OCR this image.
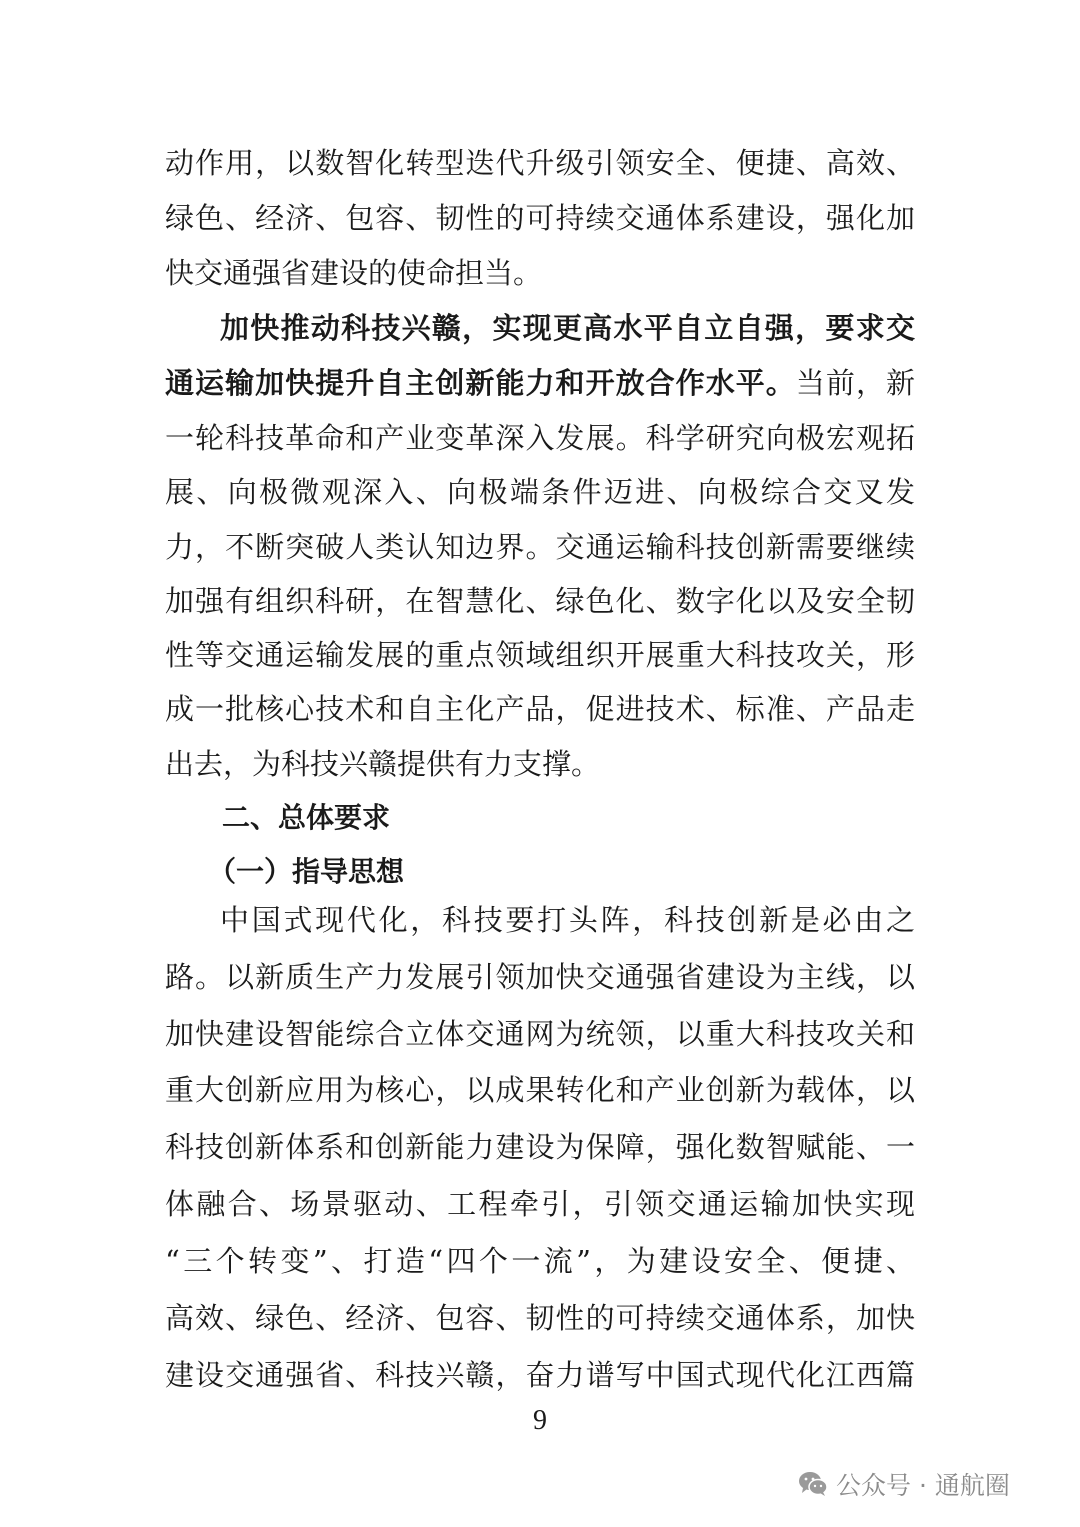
动作用，以数智化转型迭代升级引领安全、便捷、高效、
绿色、经济、包容、韧性的可持续交通体系建设，强化加
快交通强省建设的使命担当。
加快推动科技兴赣，实现更高水平自立自强，要求交
通运输加快提升自主创新能力和开放合作水平。当前，新
一轮科技革命和产业变革深入发展。科学研究向极宏观拓
展、向极微观深入、向极端条件迈进、向极综合交叉发
力，不断突破人类认知边界。交通运输科技创新需要继续
加强有组织科研，在智慧化、绿色化、数字化以及安全韧
性等交通运输发展的重点领域组织开展重大科技攻关，形
成一批核心技术和自主化产品，促进技术、标准、产品走
出去，为科技兴赣提供有力支撑。
二、总体要求
（一）指导思想
中国式现代化，科技要打头阵，科技创新是必由之
路。以新质生产力发展引领加快交通强省建设为主线，以
加快建设智能综合立体交通网为统领，以重大科技攻关和
重大创新应用为核心，以成果转化和产业创新为载体，以
科技创新体系和创新能力建设为保障，强化数智赋能、一
体融合、场景驱动、工程牵引，引领交通运输加快实现
“三个转变”、打造“四个一流”，为建设安全、便捷、
高效、绿色、经济、包容、韧性的可持续交通体系，加快
建设交通强省、科技兴赣，奋力谱写中国式现代化江西篇
9
公众号 · 通航圈
